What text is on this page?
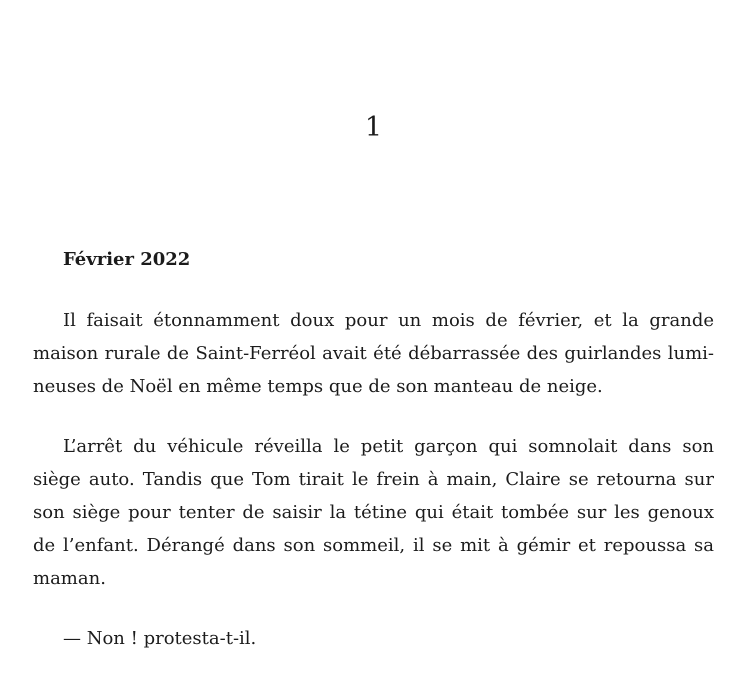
1
Février 2022

Il faisait étonnamment doux pour un mois de février, et la grande maison rurale de Saint-Ferréol avait été débarrassée des guirlandes lumineuses de Noël en même temps que de son manteau de neige.

L’arrêt du véhicule réveilla le petit garçon qui somnolait dans son siège auto. Tandis que Tom tirait le frein à main, Claire se retourna sur son siège pour tenter de saisir la tétine qui était tombée sur les genoux de l’enfant. Dérangé dans son sommeil, il se mit à gémir et repoussa sa maman.

— Non ! protesta-t-il.
